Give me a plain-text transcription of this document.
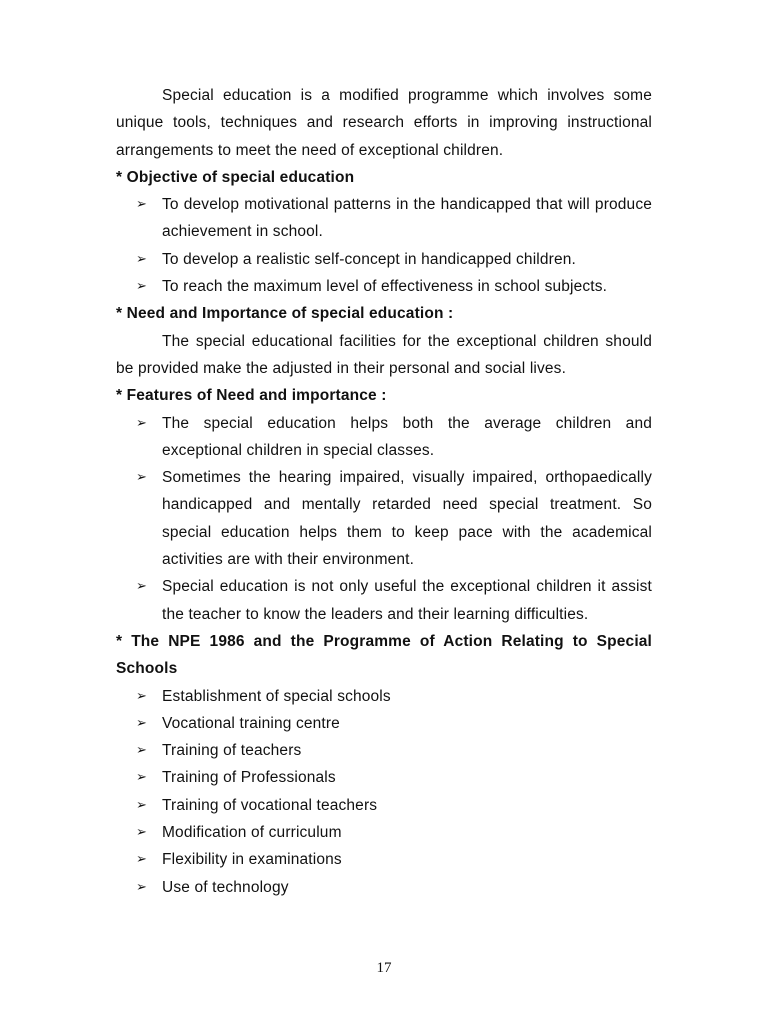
Special education is a modified programme which involves some unique tools, techniques and research efforts in improving instructional arrangements to meet the need of exceptional children.

* Objective of special education

➢ To develop motivational patterns in the handicapped that will produce achievement in school.
➢ To develop a realistic self-concept in handicapped children.
➢ To reach the maximum level of effectiveness in school subjects.

* Need and Importance of special education :

The special educational facilities for the exceptional children should be provided make the adjusted in their personal and social lives.

* Features of Need and importance :

➢ The special education helps both the average children and exceptional children in special classes.
➢ Sometimes the hearing impaired, visually impaired, orthopaedically handicapped and mentally retarded need special treatment. So special education helps them to keep pace with the academical activities are with their environment.
➢ Special education is not only useful the exceptional children it assist the teacher to know the leaders and their learning difficulties.

* The NPE 1986 and the Programme of Action Relating to Special Schools

➢ Establishment of special schools
➢ Vocational training centre
➢ Training of teachers
➢ Training of Professionals
➢ Training of vocational teachers
➢ Modification of curriculum
➢ Flexibility in examinations
➢ Use of technology
17
